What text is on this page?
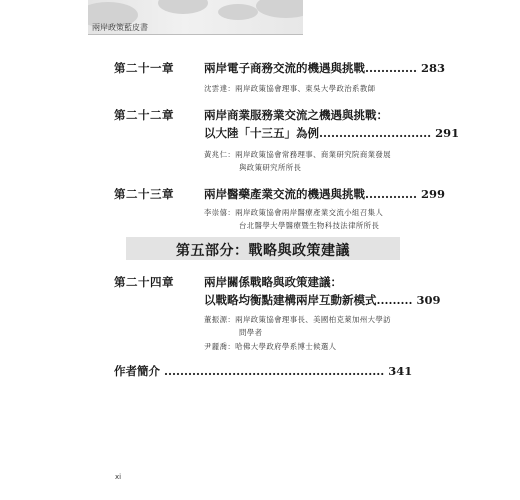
兩岸政策藍皮書
第二十一章	兩岸電子商務交流的機遇與挑戰............. 283
沈雲達：兩岸政策協會理事、東吳大學政治系教師
第二十二章	兩岸商業服務業交流之機遇與挑戰：
以大陸「十三五」為例............................ 291
黃兆仁：兩岸政策協會常務理事、商業研究院商業發展
與政策研究所所長
第二十三章	兩岸醫藥產業交流的機遇與挑戰............. 299
李崇僖：兩岸政策協會兩岸醫療產業交流小組召集人
台北醫學大學醫療暨生物科技法律所所長
第五部分：戰略與政策建議
第二十四章	兩岸關係戰略與政策建議：
以戰略均衡點建構兩岸互動新模式......... 309
董振源：兩岸政策協會理事長、美國柏克萊加州大學訪
問學者
尹麗喬：哈佛大學政府學系博士候選人
作者簡介 ....................................................... 341
xi
